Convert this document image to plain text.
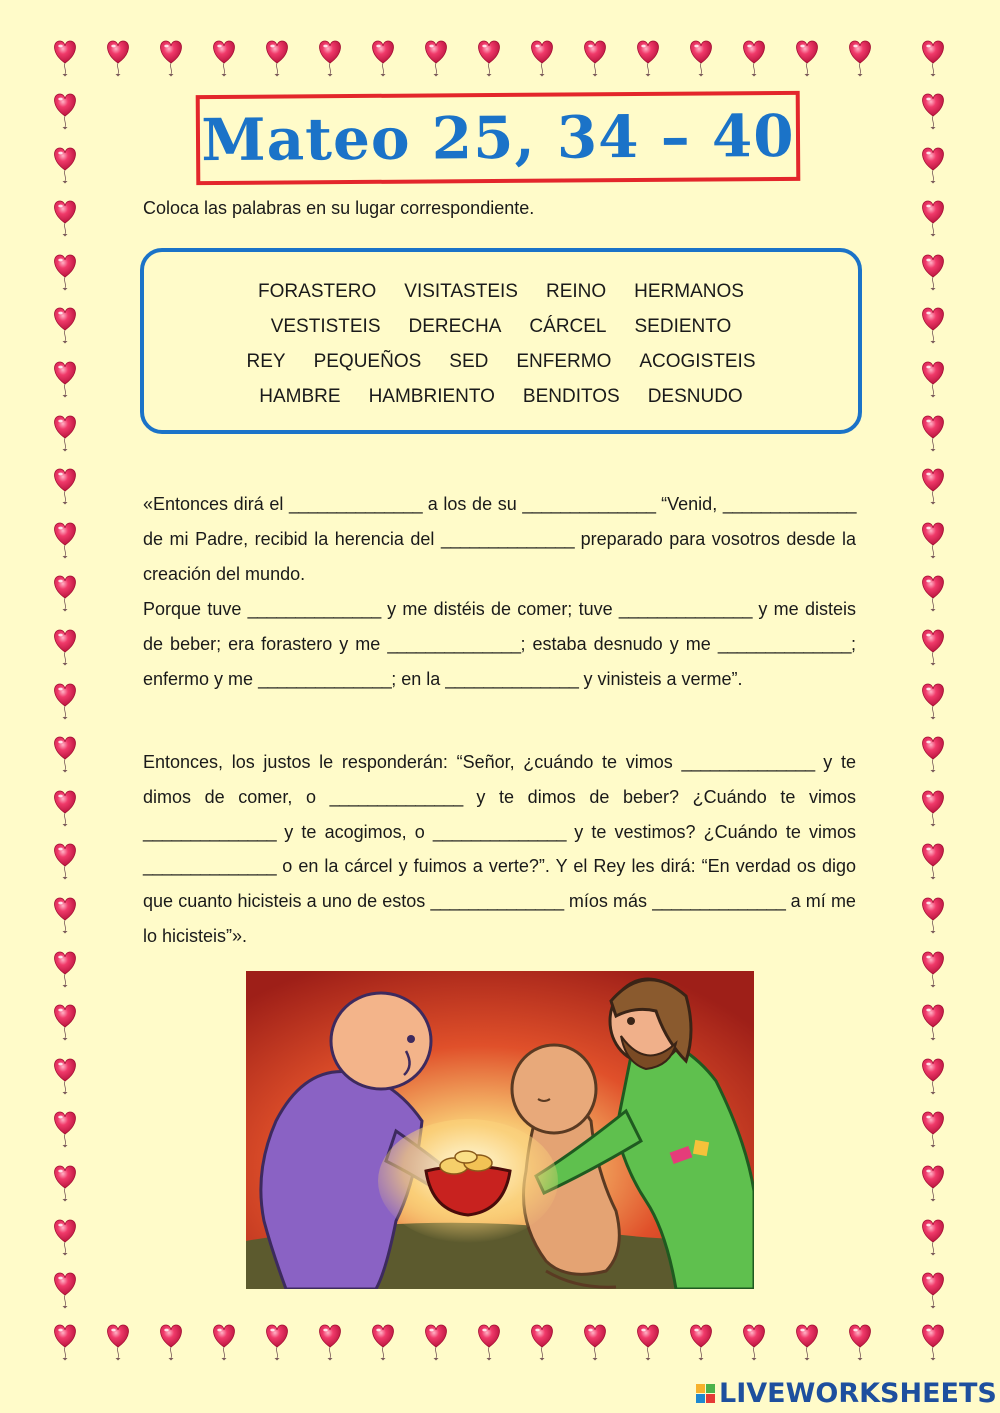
Mateo 25, 34 – 40
Coloca las palabras en su lugar correspondiente.
FORASTERO VISITASTEIS REINO HERMANOS
VESTISTEIS DERECHA CÁRCEL SEDIENTO
REY PEQUEÑOS SED ENFERMO ACOGISTEIS
HAMBRE HAMBRIENTO BENDITOS DESNUDO

«Entonces dirá el ______________ a los de su ______________ “Venid, ______________ de mi Padre, recibid la herencia del ______________ preparado para vosotros desde la creación del mundo.

Porque tuve ______________ y me distéis de comer; tuve ______________ y me disteis de beber; era forastero y me ______________; estaba desnudo y me ______________; enfermo y me ______________; en la ______________ y vinisteis a verme”.

Entonces, los justos le responderán: “Señor, ¿cuándo te vimos ______________ y te dimos de comer, o ______________ y te dimos de beber? ¿Cuándo te vimos ______________ y te acogimos, o ______________ y te vestimos? ¿Cuándo te vimos ______________ o en la cárcel y fuimos a verte?”. Y el Rey les dirá: “En verdad os digo que cuanto hicisteis a uno de estos ______________ míos más ______________ a mí me lo hicisteis”».

LIVEWORKSHEETS
